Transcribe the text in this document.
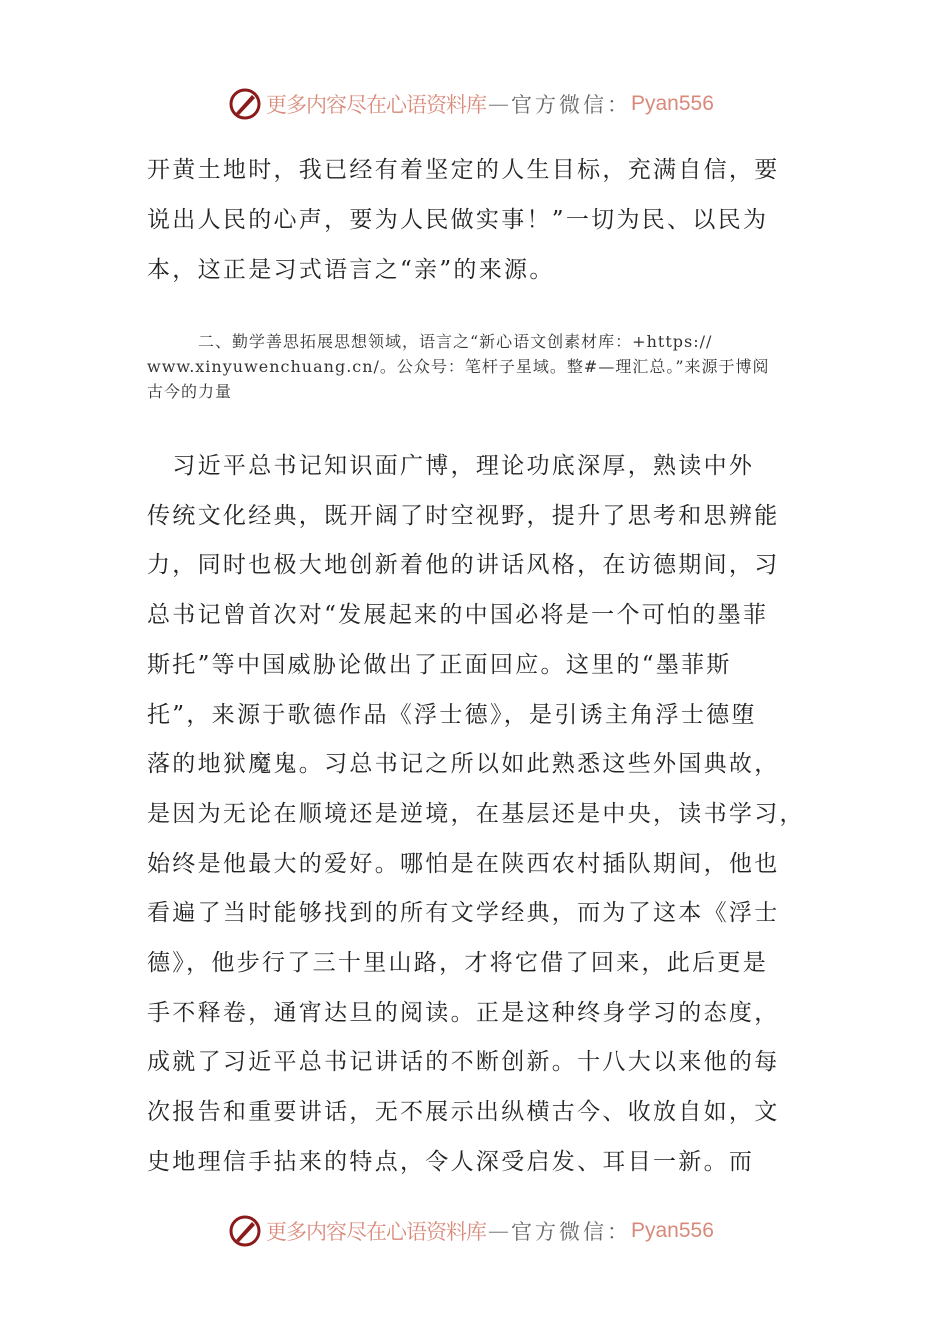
更多内容尽在心语资料库 — 官方微信： Pyan556
开黄土地时，我已经有着坚定的人生目标，充满自信，要
说出人民的心声，要为人民做实事！”一切为民、以民为
本，这正是习式语言之“亲”的来源。
二、勤学善思拓展思想领域，语言之“新心语文创素材库：+https://
www.xinyuwenchuang.cn/。公众号：笔杆子星域。整#—理汇总。”来源于博阅
古今的力量
　习近平总书记知识面广博，理论功底深厚，熟读中外
传统文化经典，既开阔了时空视野，提升了思考和思辨能
力，同时也极大地创新着他的讲话风格，在访德期间，习
总书记曾首次对“发展起来的中国必将是一个可怕的墨菲
斯托”等中国威胁论做出了正面回应。这里的“墨菲斯
托”，来源于歌德作品《浮士德》，是引诱主角浮士德堕
落的地狱魔鬼。习总书记之所以如此熟悉这些外国典故，
是因为无论在顺境还是逆境，在基层还是中央，读书学习，
始终是他最大的爱好。哪怕是在陕西农村插队期间，他也
看遍了当时能够找到的所有文学经典，而为了这本《浮士
德》，他步行了三十里山路，才将它借了回来，此后更是
手不释卷，通宵达旦的阅读。正是这种终身学习的态度，
成就了习近平总书记讲话的不断创新。十八大以来他的每
次报告和重要讲话，无不展示出纵横古今、收放自如，文
史地理信手拈来的特点，令人深受启发、耳目一新。而
更多内容尽在心语资料库 — 官方微信： Pyan556
